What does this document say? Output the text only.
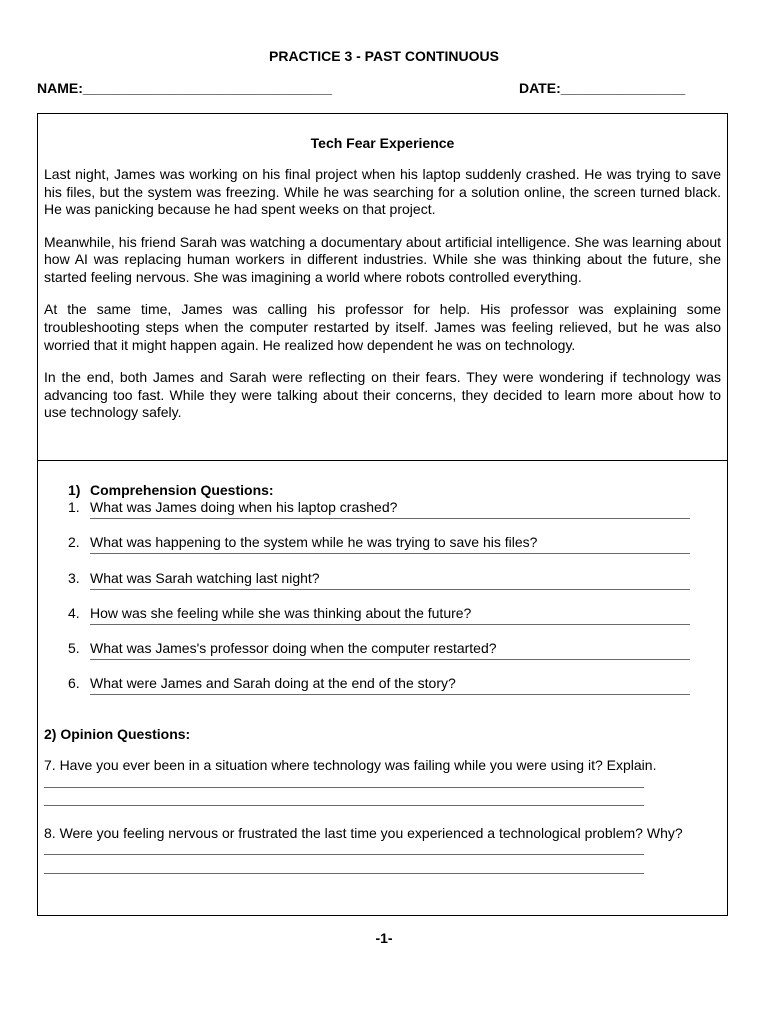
PRACTICE 3 - PAST CONTINUOUS
NAME:________________________________	DATE:________________
Tech Fear Experience

Last night, James was working on his final project when his laptop suddenly crashed. He was trying to save his files, but the system was freezing. While he was searching for a solution online, the screen turned black. He was panicking because he had spent weeks on that project.

Meanwhile, his friend Sarah was watching a documentary about artificial intelligence. She was learning about how AI was replacing human workers in different industries. While she was thinking about the future, she started feeling nervous. She was imagining a world where robots controlled everything.

At the same time, James was calling his professor for help. His professor was explaining some troubleshooting steps when the computer restarted by itself. James was feeling relieved, but he was also worried that it might happen again. He realized how dependent he was on technology.

In the end, both James and Sarah were reflecting on their fears. They were wondering if technology was advancing too fast. While they were talking about their concerns, they decided to learn more about how to use technology safely.

1) Comprehension Questions:
1. What was James doing when his laptop crashed?
2. What was happening to the system while he was trying to save his files?
3. What was Sarah watching last night?
4. How was she feeling while she was thinking about the future?
5. What was James's professor doing when the computer restarted?
6. What were James and Sarah doing at the end of the story?
2) Opinion Questions:
7. Have you ever been in a situation where technology was failing while you were using it? Explain.
8. Were you feeling nervous or frustrated the last time you experienced a technological problem? Why?
-1-
